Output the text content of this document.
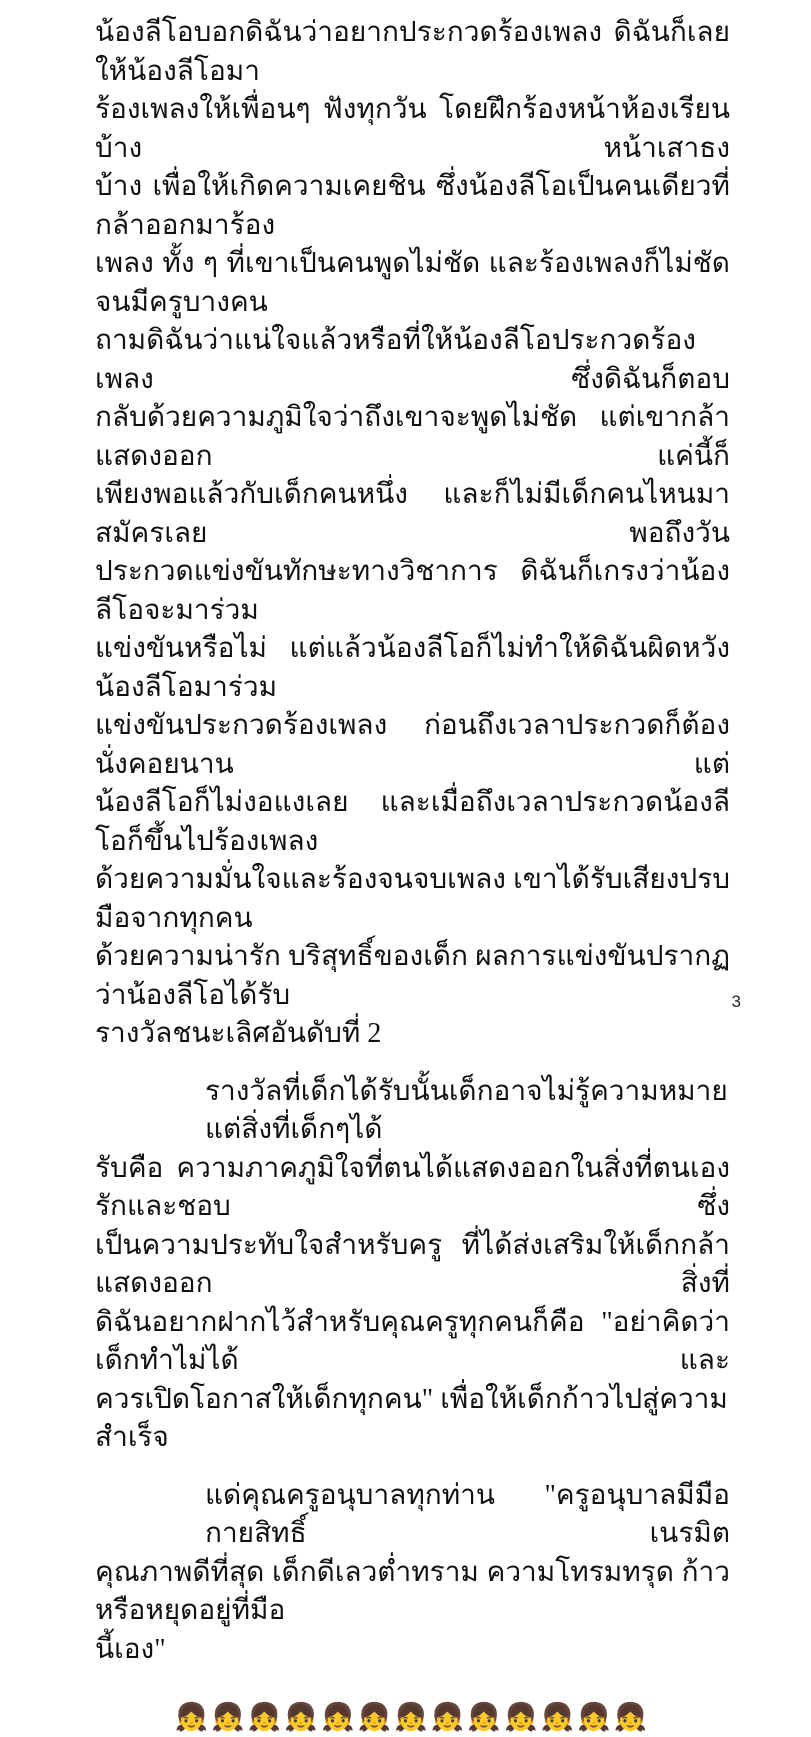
น้องลีโอบอกดิฉันว่าอยากประกวดร้องเพลง ดิฉันก็เลยให้น้องลีโอมา
ร้องเพลงให้เพื่อนๆ ฟังทุกวัน โดยฝึกร้องหน้าห้องเรียนบ้าง หน้าเสาธง
บ้าง เพื่อให้เกิดความเคยชิน ซึ่งน้องลีโอเป็นคนเดียวที่กล้าออกมาร้อง
เพลง ทั้ง ๆ ที่เขาเป็นคนพูดไม่ชัด และร้องเพลงก็ไม่ชัด จนมีครูบางคน
ถามดิฉันว่าแน่ใจแล้วหรือที่ให้น้องลีโอประกวดร้องเพลง ซึ่งดิฉันก็ตอบ
กลับด้วยความภูมิใจว่าถึงเขาจะพูดไม่ชัด แต่เขากล้าแสดงออก แค่นี้ก็
เพียงพอแล้วกับเด็กคนหนึ่ง และก็ไม่มีเด็กคนไหนมาสมัครเลย พอถึงวัน
ประกวดแข่งขันทักษะทางวิชาการ ดิฉันก็เกรงว่าน้องลีโอจะมาร่วม
แข่งขันหรือไม่ แต่แล้วน้องลีโอก็ไม่ทำให้ดิฉันผิดหวัง น้องลีโอมาร่วม
แข่งขันประกวดร้องเพลง ก่อนถึงเวลาประกวดก็ต้องนั่งคอยนาน แต่
น้องลีโอก็ไม่งอแงเลย และเมื่อถึงเวลาประกวดน้องลีโอก็ขึ้นไปร้องเพลง
ด้วยความมั่นใจและร้องจนจบเพลง เขาได้รับเสียงปรบมือจากทุกคน
ด้วยความน่ารัก บริสุทธิ์ของเด็ก ผลการแข่งขันปรากฏว่าน้องลีโอได้รับ
รางวัลชนะเลิศอันดับที่ 2
รางวัลที่เด็กได้รับนั้นเด็กอาจไม่รู้ความหมาย แต่สิ่งที่เด็กๆได้
รับคือ ความภาคภูมิใจที่ตนได้แสดงออกในสิ่งที่ตนเองรักและชอบ ซึ่ง
เป็นความประทับใจสำหรับครู ที่ได้ส่งเสริมให้เด็กกล้าแสดงออก สิ่งที่
ดิฉันอยากฝากไว้สำหรับคุณครูทุกคนก็คือ "อย่าคิดว่าเด็กทำไม่ได้ และ
ควรเปิดโอกาสให้เด็กทุกคน" เพื่อให้เด็กก้าวไปสู่ความสำเร็จ
แด่คุณครูอนุบาลทุกท่าน "ครูอนุบาลมีมือกายสิทธิ์ เนรมิต
คุณภาพดีที่สุด เด็กดีเลวต่ำทราม ความโทรมทรุด ก้าวหรือหยุดอยู่ที่มือ
นี้เอง"
👧👧👧👧👧👧👧👧👧👧👧👧👧
3
